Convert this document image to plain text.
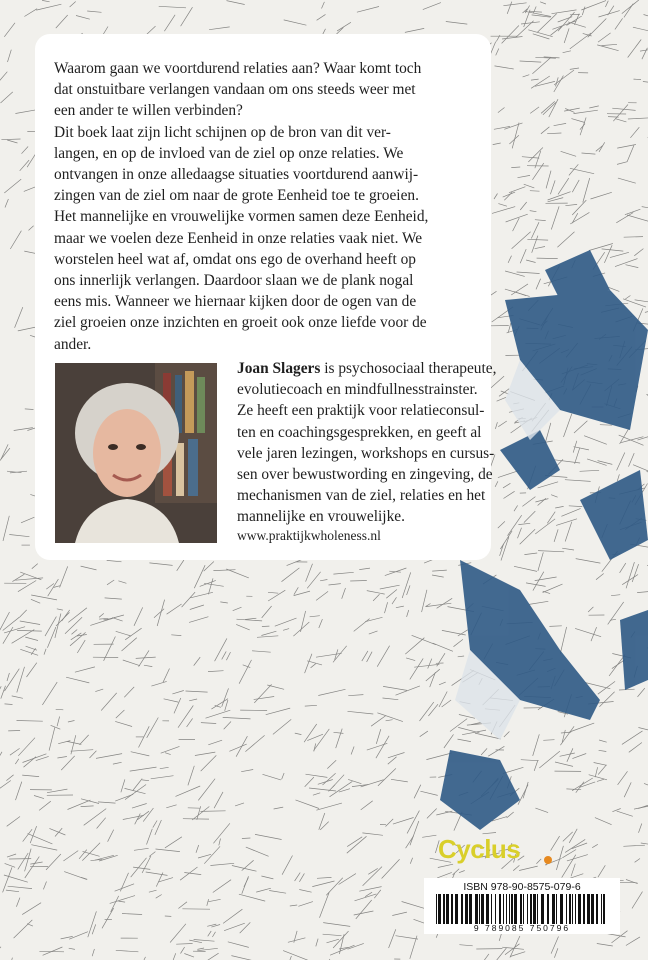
Waarom gaan we voortdurend relaties aan? Waar komt toch
dat onstuitbare verlangen vandaan om ons steeds weer met
een ander te willen verbinden?
Dit boek laat zijn licht schijnen op de bron van dit ver-
langen, en op de invloed van de ziel op onze relaties. We
ontvangen in onze alledaagse situaties voortdurend aanwij-
zingen van de ziel om naar de grote Eenheid toe te groeien.
Het mannelijke en vrouwelijke vormen samen deze Eenheid,
maar we voelen deze Eenheid in onze relaties vaak niet. We
worstelen heel wat af, omdat ons ego de overhand heeft op
ons innerlijk verlangen. Daardoor slaan we de plank nogal
eens mis. Wanneer we hiernaar kijken door de ogen van de
ziel groeien onze inzichten en groeit ook onze liefde voor de
ander.

Joan Slagers is psychosociaal therapeute,
evolutiecoach en mindfullnesstrainster.
Ze heeft een praktijk voor relatieconsul-
ten en coachingsgesprekken, en geeft al
vele jaren lezingen, workshops en cursus-
sen over bewustwording en zingeving, de
mechanismen van de ziel, relaties en het
mannelijke en vrouwelijke.

www.praktijkwholeness.nl
Cyclus
ISBN 978-90-8575-079-6
9 789085 750796
